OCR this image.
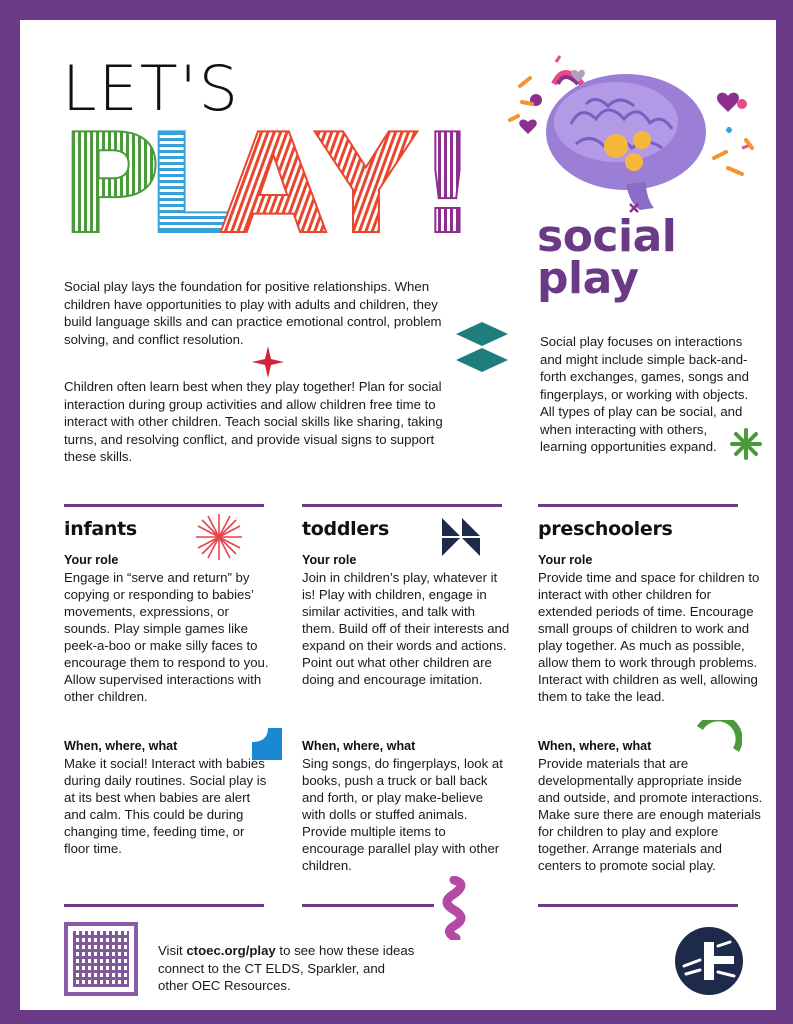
LET'S
P
L
A
Y ! social
play
Social play lays the foundation for positive relationships. When children have opportunities to play with adults and children, they build language skills and can practice emotional control, problem solving, and conflict resolution.
Children often learn best when they play together! Plan for social interaction during group activities and allow children free time to interact with other children. Teach social skills like sharing, taking turns, and resolving conflict, and provide visual signs to support these skills.
Social play focuses on interactions and might include simple back-and-forth exchanges, games, songs and fingerplays, or working with objects. All types of play can be social, and when interacting with others, learning opportunities expand.
infants
Your role
Engage in “serve and return” by copying or responding to babies’ movements, expressions, or sounds. Play simple games like peek-a-boo or make silly faces to encourage them to respond to you. Allow supervised interactions with other children.
When, where, what
Make it social! Interact with babies during daily routines. Social play is at its best when babies are alert and calm. This could be during changing time, feeding time, or floor time.
toddlers
Your role
Join in children’s play, whatever it is! Play with children, engage in similar activities, and talk with them. Build off of their interests and expand on their words and actions. Point out what other children are doing and encourage imitation.
When, where, what
Sing songs, do fingerplays, look at books, push a truck or ball back and forth, or play make-believe with dolls or stuffed animals. Provide multiple items to encourage parallel play with other children.
preschoolers
Your role
Provide time and space for children to interact with other children for extended periods of time. Encourage small groups of children to work and play together. As much as possible, allow them to work through problems. Interact with children as well, allowing them to take the lead.
When, where, what
Provide materials that are developmentally appropriate inside and outside, and promote interactions. Make sure there are enough materials for children to play and explore together. Arrange materials and centers to promote social play.
Visit ctoec.org/play to see how these ideas connect to the CT ELDS, Sparkler, and other OEC Resources.
